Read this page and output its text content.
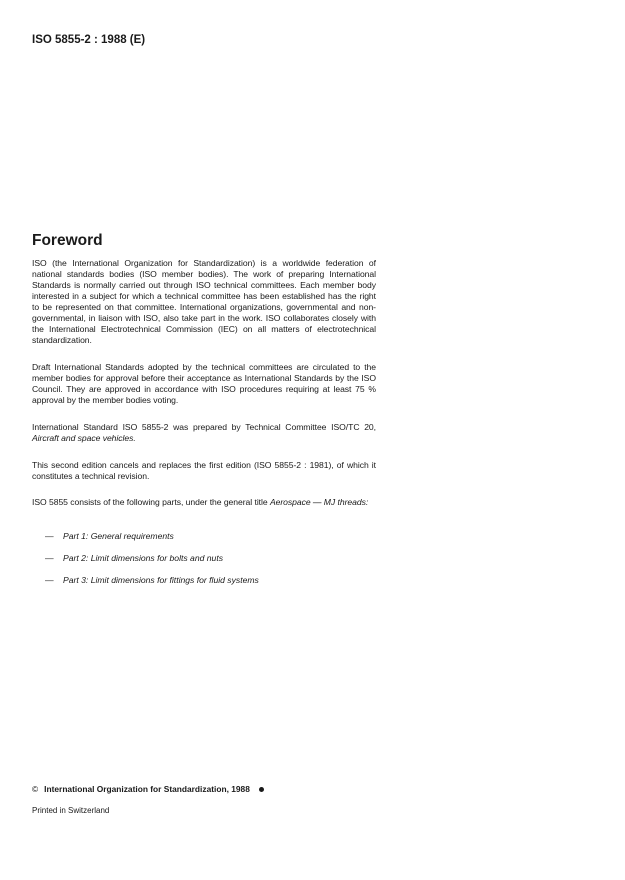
ISO 5855-2 : 1988 (E)
Foreword
ISO (the International Organization for Standardization) is a worldwide federation of national standards bodies (ISO member bodies). The work of preparing International Standards is normally carried out through ISO technical committees. Each member body interested in a subject for which a technical committee has been established has the right to be represented on that committee. International organizations, governmental and non-governmental, in liaison with ISO, also take part in the work. ISO collaborates closely with the International Electrotechnical Commission (IEC) on all matters of electrotechnical standardization.
Draft International Standards adopted by the technical committees are circulated to the member bodies for approval before their acceptance as International Standards by the ISO Council. They are approved in accordance with ISO procedures requiring at least 75 % approval by the member bodies voting.
International Standard ISO 5855-2 was prepared by Technical Committee ISO/TC 20, Aircraft and space vehicles.
This second edition cancels and replaces the first edition (ISO 5855-2 : 1981), of which it constitutes a technical revision.
ISO 5855 consists of the following parts, under the general title Aerospace — MJ threads:
— Part 1: General requirements
— Part 2: Limit dimensions for bolts and nuts
— Part 3: Limit dimensions for fittings for fluid systems
© International Organization for Standardization, 1988
Printed in Switzerland
